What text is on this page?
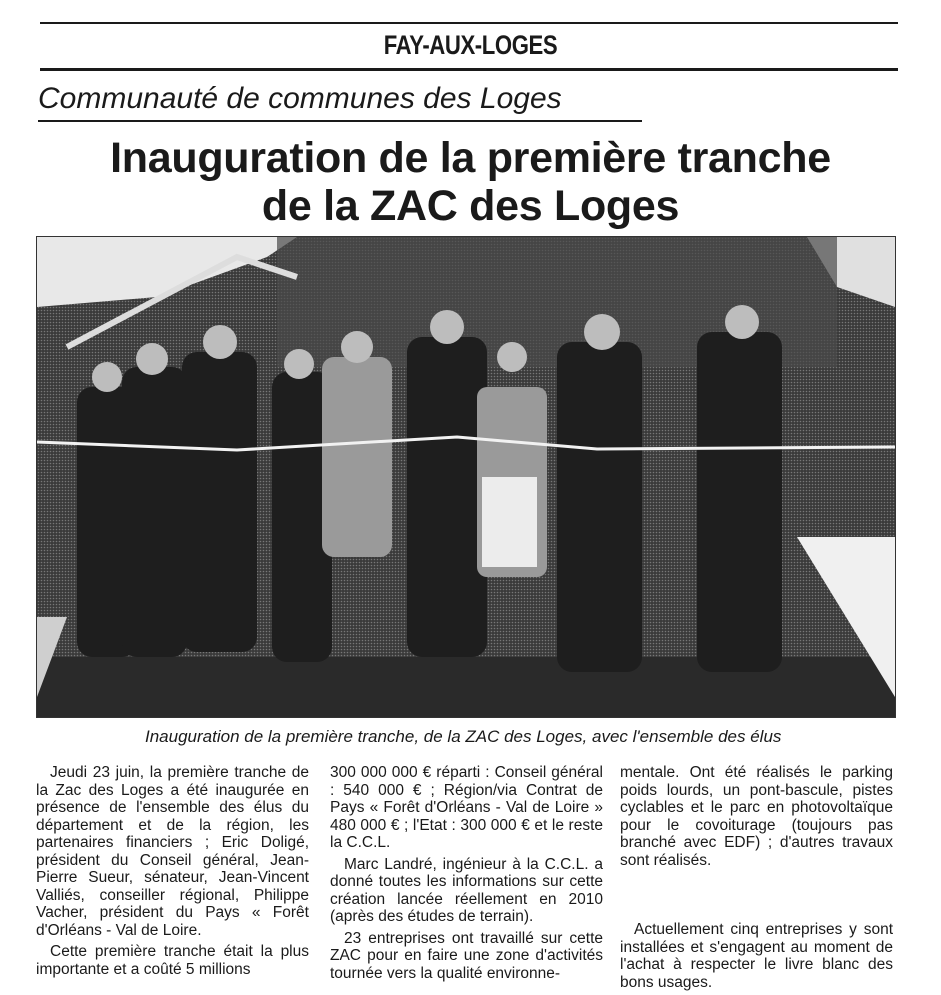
FAY-AUX-LOGES
Communauté de communes des Loges
Inauguration de la première tranche
de la ZAC des Loges
Inauguration de la première tranche, de la ZAC des Loges, avec l'ensemble des élus

Jeudi 23 juin, la première tranche de la Zac des Loges a été inaugurée en présence de l'ensemble des élus du département et de la région, les partenaires financiers ; Eric Doligé, président du Conseil général, Jean-Pierre Sueur, sénateur, Jean-Vincent Valliés, conseiller régional, Philippe Vacher, président du Pays « Forêt d'Orléans - Val de Loire.

Cette première tranche était la plus importante et a coûté 5 millions

300 000 000 € réparti : Conseil général : 540 000 € ; Région/via Contrat de Pays « Forêt d'Orléans - Val de Loire » 480 000 € ; l'Etat : 300 000 € et le reste la C.C.L.

Marc Landré, ingénieur à la C.C.L. a donné toutes les informations sur cette création lancée réellement en 2010 (après des études de terrain).

23 entreprises ont travaillé sur cette ZAC pour en faire une zone d'activités tournée vers la qualité environne-

mentale. Ont été réalisés le parking poids lourds, un pont-bascule, pistes cyclables et le parc en photovoltaïque pour le covoiturage (toujours pas branché avec EDF) ; d'autres travaux sont réalisés.

Actuellement cinq entreprises y sont installées et s'engagent au moment de l'achat à respecter le livre blanc des bons usages.
